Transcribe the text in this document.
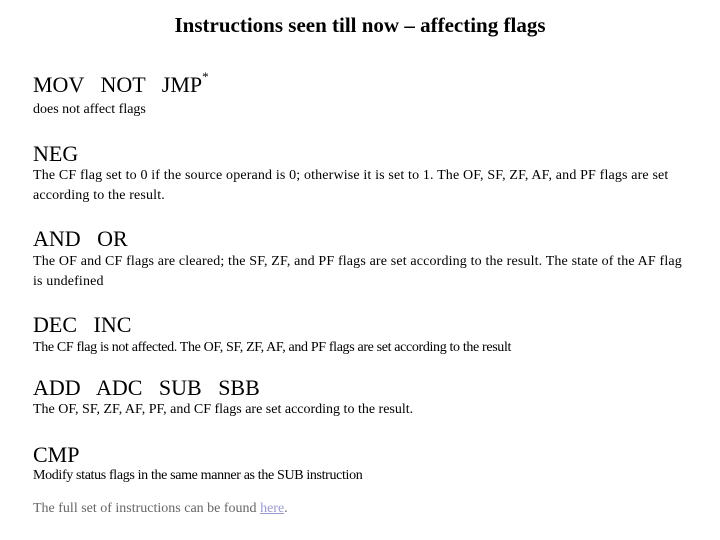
Instructions seen till now – affecting flags
MOV   NOT   JMP*
does not affect flags
NEG
The CF flag set to 0 if the source operand is 0; otherwise it is set to 1. The OF, SF, ZF, AF, and PF flags are set according to the result.
AND   OR
The OF and CF flags are cleared; the SF, ZF, and PF flags are set according to the result. The state of the AF flag is undefined
DEC   INC
The CF flag is not affected. The OF, SF, ZF, AF, and PF flags are set according to the result
ADD   ADC   SUB   SBB
The OF, SF, ZF, AF, PF, and CF flags are set according to the result.
CMP
Modify status flags in the same manner as the SUB instruction
The full set of instructions can be found here.
